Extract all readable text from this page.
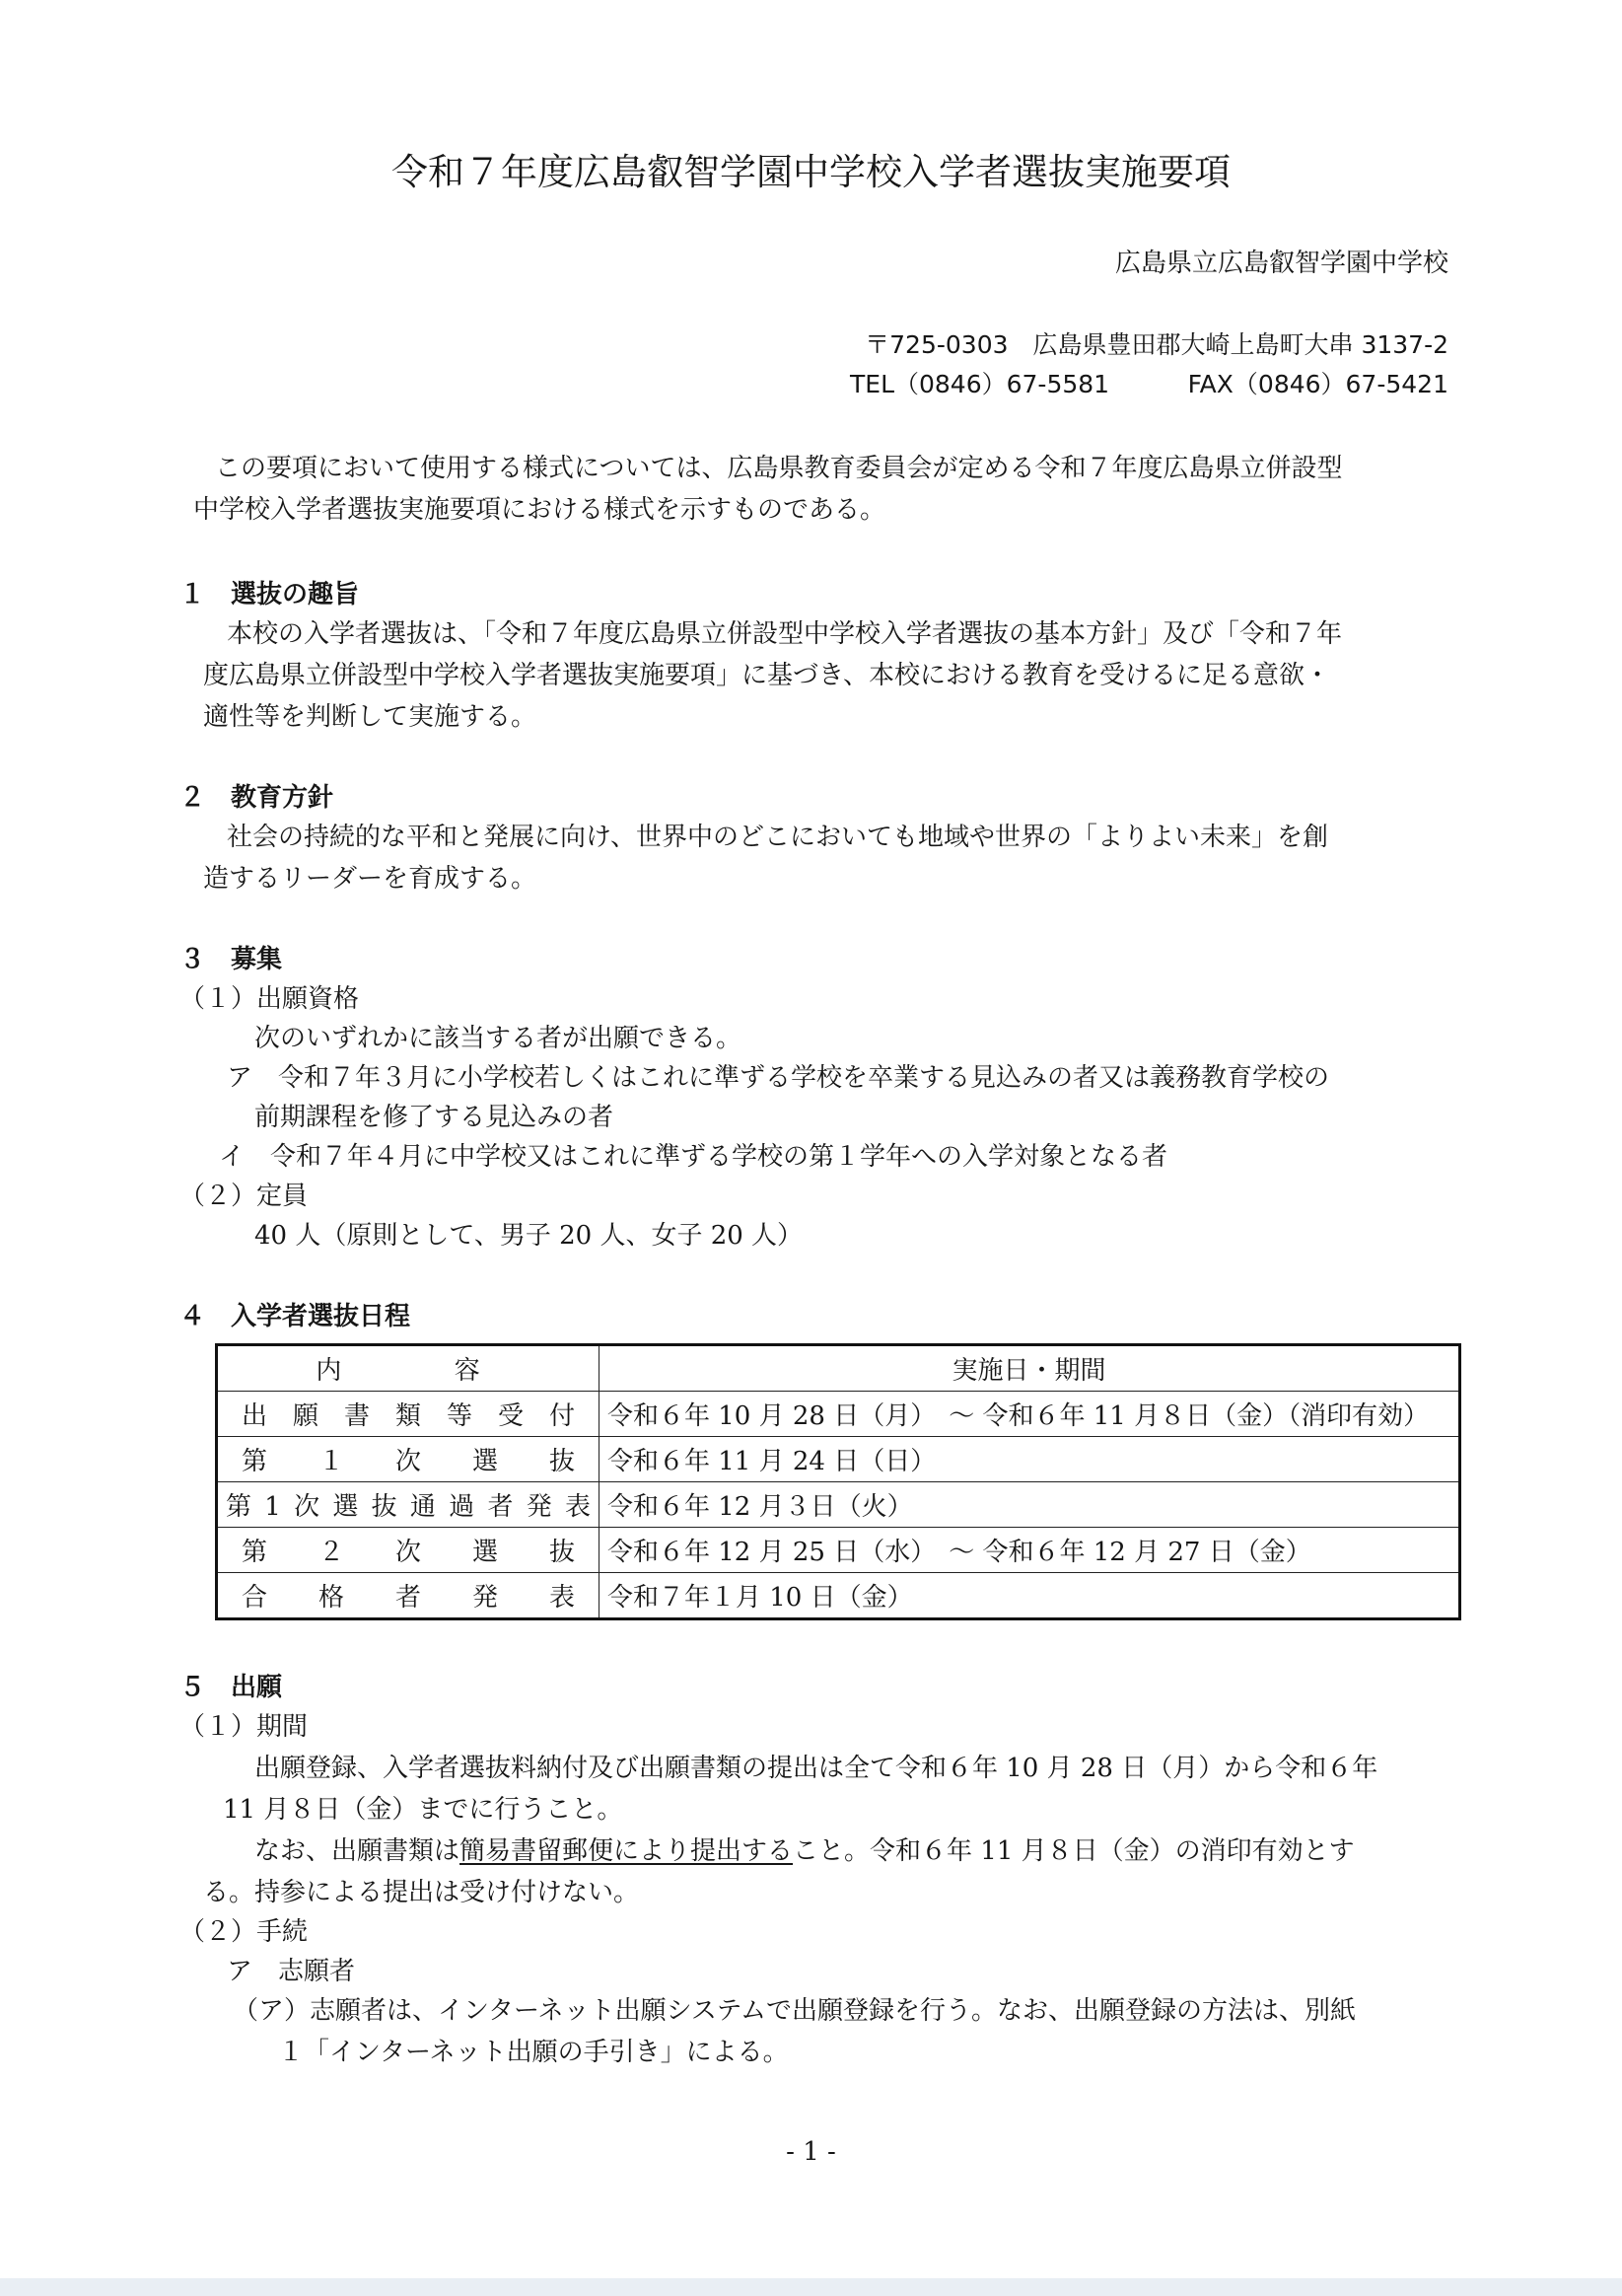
令和７年度広島叡智学園中学校入学者選抜実施要項
広島県立広島叡智学園中学校
〒725-0303　広島県豊田郡大崎上島町大串 3137-2
TEL（0846）67-5581	FAX（0846）67-5421
この要項において使用する様式については、広島県教育委員会が定める令和７年度広島県立併設型
中学校入学者選抜実施要項における様式を示すものである。
１　選抜の趣旨
本校の入学者選抜は、「令和７年度広島県立併設型中学校入学者選抜の基本方針」及び「令和７年
度広島県立併設型中学校入学者選抜実施要項」に基づき、本校における教育を受けるに足る意欲・
適性等を判断して実施する。
２　教育方針
社会の持続的な平和と発展に向け、世界中のどこにおいても地域や世界の「よりよい未来」を創
造するリーダーを育成する。
３　募集
（１）出願資格
次のいずれかに該当する者が出願できる。
ア　令和７年３月に小学校若しくはこれに準ずる学校を卒業する見込みの者又は義務教育学校の
前期課程を修了する見込みの者
イ　令和７年４月に中学校又はこれに準ずる学校の第１学年への入学対象となる者
（２）定員
40 人（原則として、男子 20 人、女子 20 人）
４　入学者選抜日程
内　　容	実施日・期間
出願書類等受付	令和６年 10 月 28 日（月）　～ 令和６年 11 月８日（金）（消印有効）
第１次選抜	令和６年 11 月 24 日（日）
第1次選抜通過者発表	令和６年 12 月３日（火）
第２次選抜	令和６年 12 月 25 日（水）　～ 令和６年 12 月 27 日（金）
合格者発表	令和７年１月 10 日（金）
５　出願
（１）期間
出願登録、入学者選抜料納付及び出願書類の提出は全て令和６年 10 月 28 日（月）から令和６年
11 月８日（金）までに行うこと。
なお、出願書類は簡易書留郵便により提出すること。令和６年 11 月８日（金）の消印有効とす
る。持参による提出は受け付けない。
（２）手続
ア　志願者
（ア）志願者は、インターネット出願システムで出願登録を行う。なお、出願登録の方法は、別紙
１「インターネット出願の手引き」による。
- 1 -
